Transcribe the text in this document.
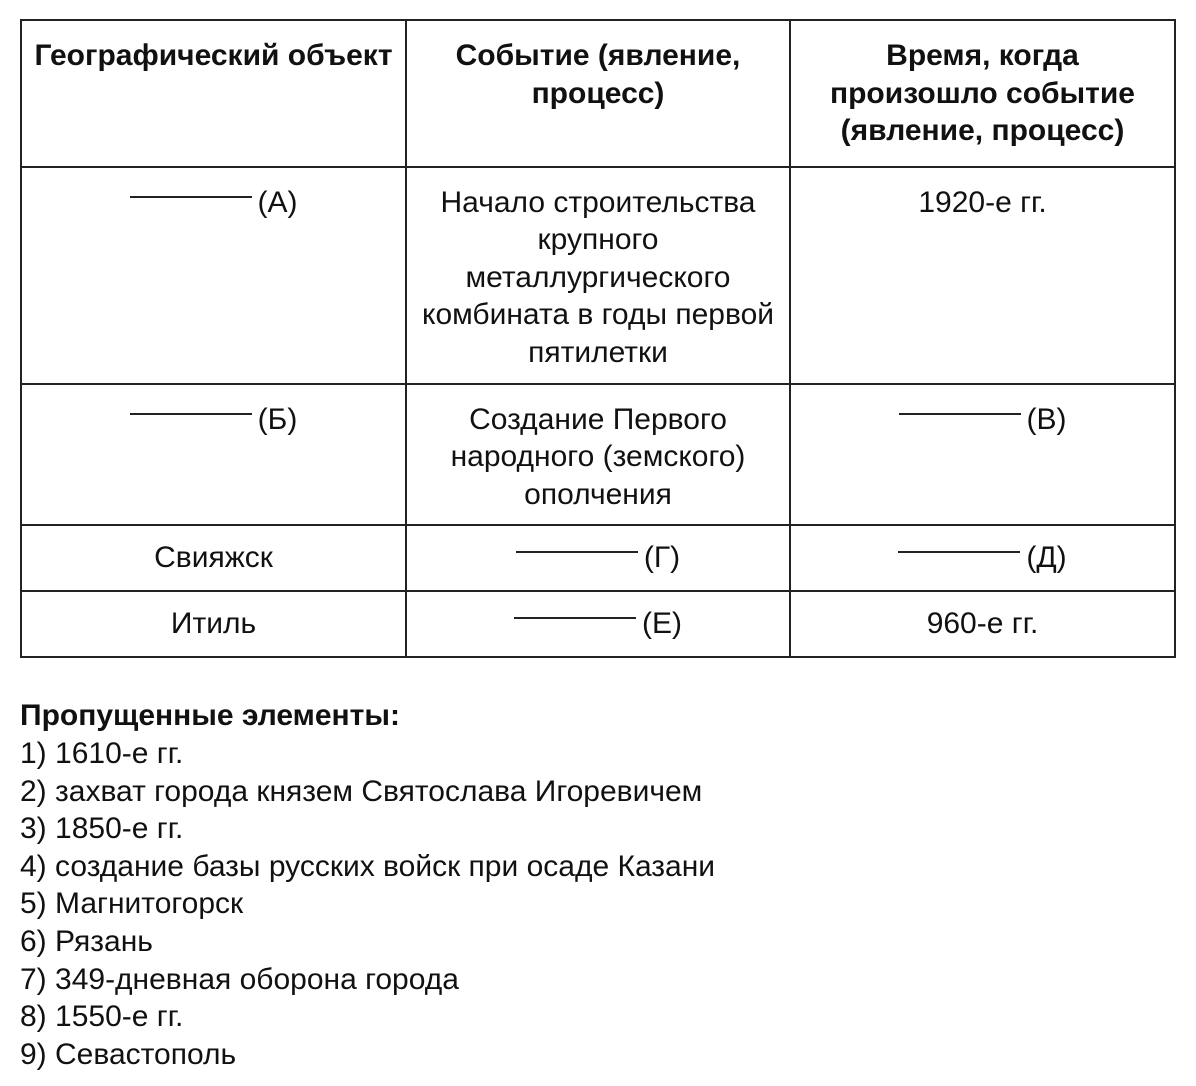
Географический объект	Событие (явление, процесс)	Время, когда произошло событие (явление, процесс)
(А)	Начало строительства крупного металлургического комбината в годы первой пятилетки	1920-е гг.
(Б)	Создание Первого народного (земского) ополчения	(В)
Свияжск	(Г)	(Д)
Итиль	(Е)	960-е гг.

Пропущенные элементы:

1) 1610-е гг.
2) захват города князем Святослава Игоревичем
3) 1850-е гг.
4) создание базы русских войск при осаде Казани
5) Магнитогорск
6) Рязань
7) 349-дневная оборона города
8) 1550-е гг.
9) Севастополь
